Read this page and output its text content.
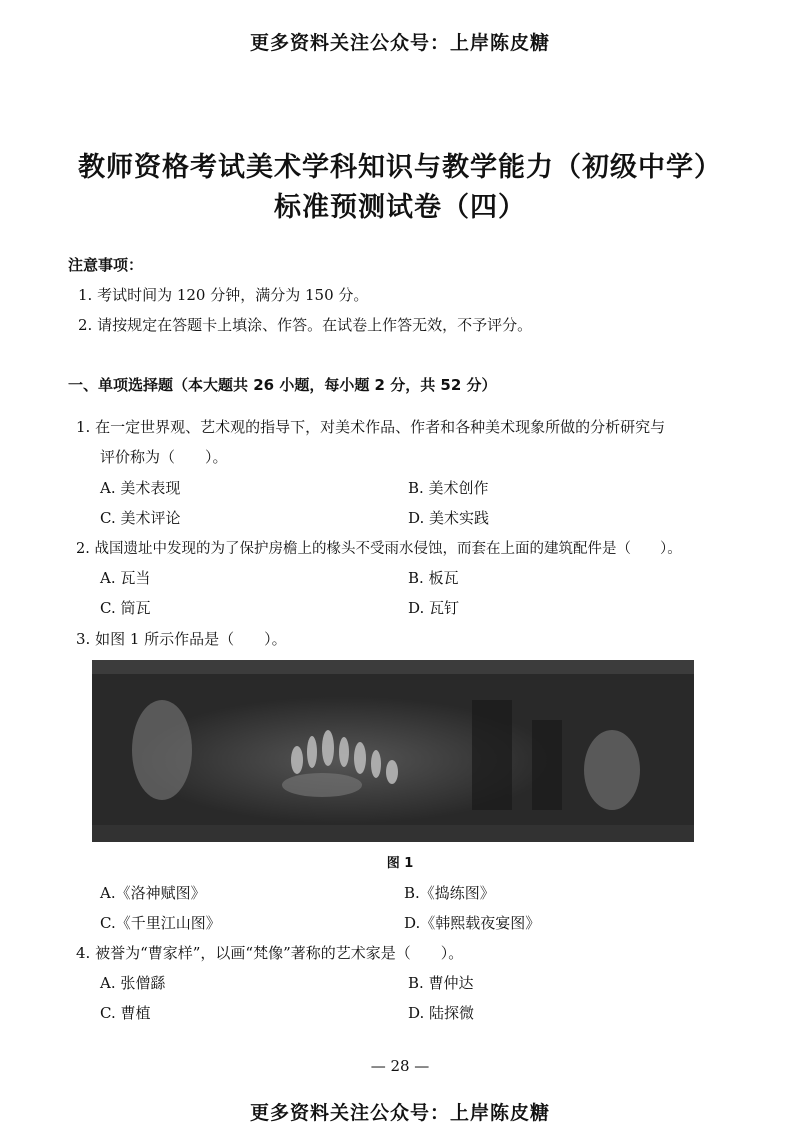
更多资料关注公众号：上岸陈皮糖
教师资格考试美术学科知识与教学能力（初级中学）
标准预测试卷（四）
注意事项：
1. 考试时间为 120 分钟，满分为 150 分。
2. 请按规定在答题卡上填涂、作答。在试卷上作答无效，不予评分。
一、单项选择题（本大题共 26 小题，每小题 2 分，共 52 分）
1. 在一定世界观、艺术观的指导下，对美术作品、作者和各种美术现象所做的分析研究与
评价称为（　　）。
A. 美术表现	B. 美术创作
C. 美术评论	D. 美术实践
2. 战国遗址中发现的为了保护房檐上的椽头不受雨水侵蚀，而套在上面的建筑配件是（　　）。
A. 瓦当	B. 板瓦
C. 筒瓦	D. 瓦钉
3. 如图 1 所示作品是（　　）。
图 1
A.《洛神赋图》	B.《捣练图》
C.《千里江山图》	D.《韩熙载夜宴图》
4. 被誉为“曹家样”，以画“梵像”著称的艺术家是（　　）。
A. 张僧繇	B. 曹仲达
C. 曹植	D. 陆探微
— 28 —
更多资料关注公众号：上岸陈皮糖
